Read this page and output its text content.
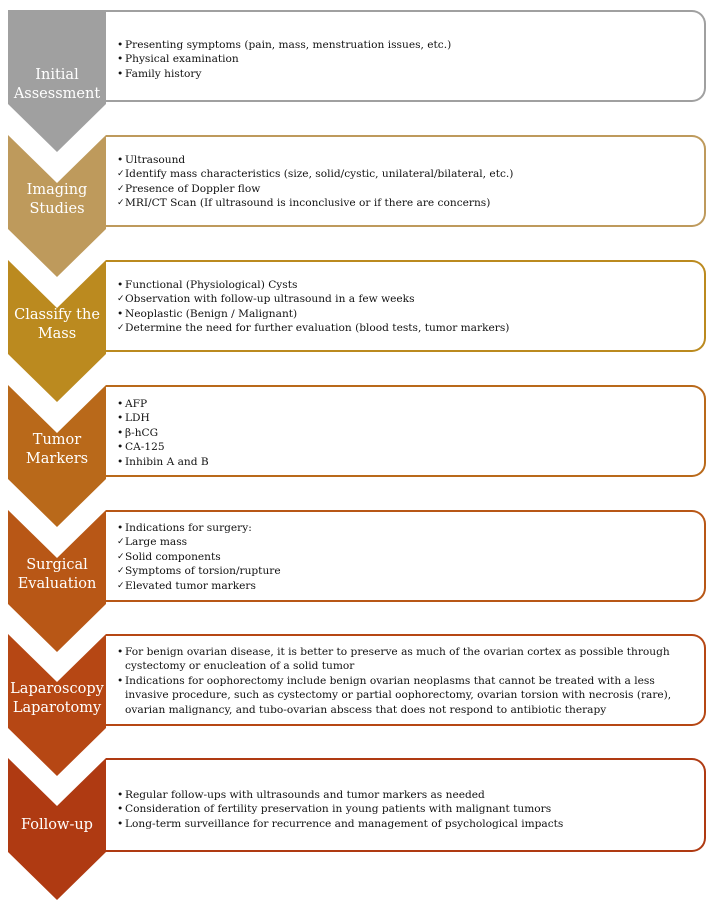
Initial
Assessment
• Presenting symptoms (pain, mass, menstruation issues, etc.)
• Physical examination
• Family history
Imaging
Studies
• Ultrasound
✓ Identify mass characteristics (size, solid/cystic, unilateral/bilateral, etc.)
✓ Presence of Doppler flow
✓ MRI/CT Scan (If ultrasound is inconclusive or if there are concerns)
Classify the
Mass
• Functional (Physiological) Cysts
✓ Observation with follow-up ultrasound in a few weeks
• Neoplastic (Benign / Malignant)
✓ Determine the need for further evaluation (blood tests, tumor markers)
Tumor
Markers
• AFP
• LDH
• β-hCG
• CA-125
• Inhibin A and B
Surgical
Evaluation
• Indications for surgery:
✓ Large mass
✓ Solid components
✓ Symptoms of torsion/rupture
✓ Elevated tumor markers
Laparoscopy
Laparotomy
• For benign ovarian disease, it is better to preserve as much of the ovarian cortex as possible through cystectomy or enucleation of a solid tumor
• Indications for oophorectomy include benign ovarian neoplasms that cannot be treated with a less invasive procedure, such as cystectomy or partial oophorectomy, ovarian torsion with necrosis (rare), ovarian malignancy, and tubo-ovarian abscess that does not respond to antibiotic therapy
Follow-up
• Regular follow-ups with ultrasounds and tumor markers as needed
• Consideration of fertility preservation in young patients with malignant tumors
• Long-term surveillance for recurrence and management of psychological impacts
